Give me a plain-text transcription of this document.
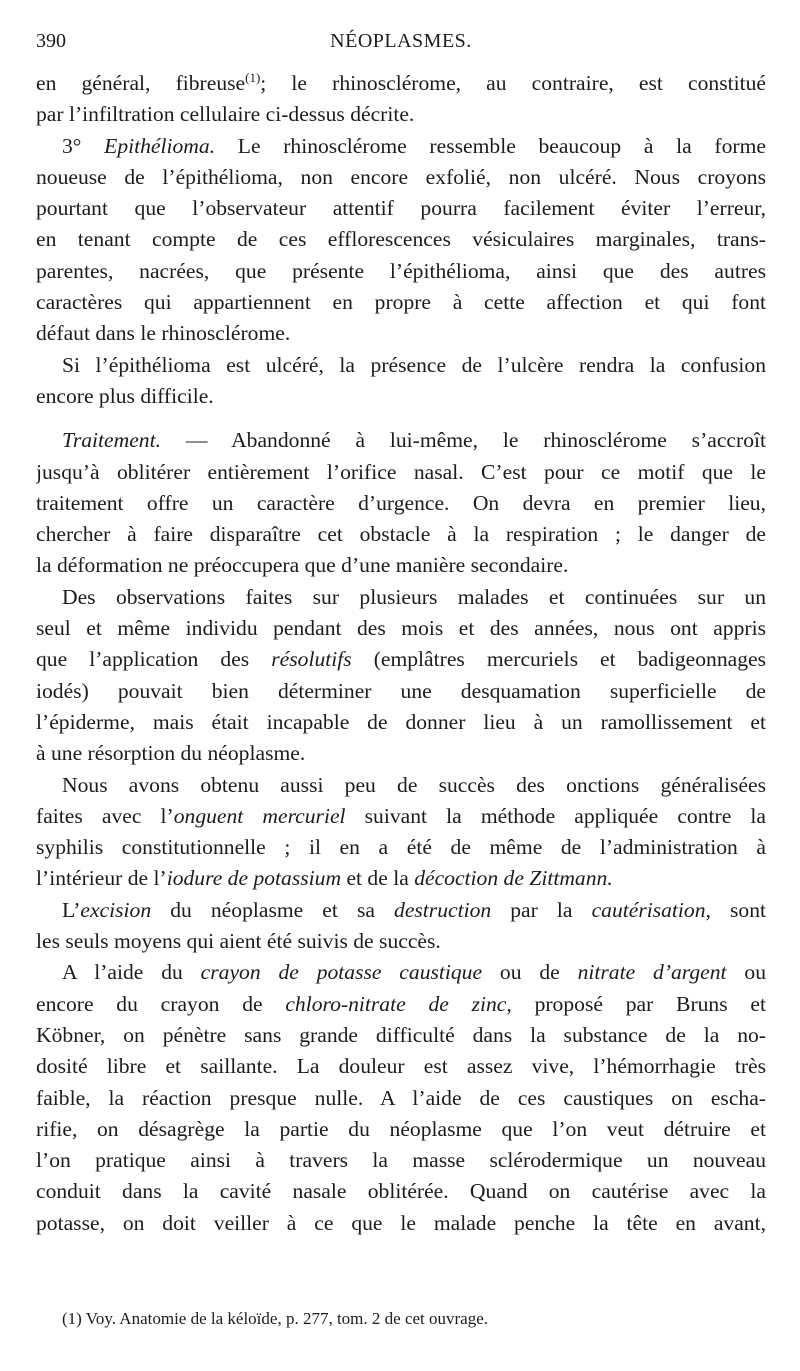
390	NÉOPLASMES.
en général, fibreuse$^{(1)}$; le rhinosclérome, au contraire, est constitué
par l’infiltration cellulaire ci-dessus décrite.
3° Epithélioma. Le rhinosclérome ressemble beaucoup à la forme
noueuse de l’épithélioma, non encore exfolié, non ulcéré. Nous croyons
pourtant que l’observateur attentif pourra facilement éviter l’erreur,
en tenant compte de ces efflorescences vésiculaires marginales, trans-
parentes, nacrées, que présente l’épithélioma, ainsi que des autres
caractères qui appartiennent en propre à cette affection et qui font
défaut dans le rhinosclérome.
Si l’épithélioma est ulcéré, la présence de l’ulcère rendra la confusion
encore plus difficile.
Traitement. — Abandonné à lui-même, le rhinosclérome s’accroît
jusqu’à oblitérer entièrement l’orifice nasal. C’est pour ce motif que le
traitement offre un caractère d’urgence. On devra en premier lieu,
chercher à faire disparaître cet obstacle à la respiration ; le danger de
la déformation ne préoccupera que d’une manière secondaire.
Des observations faites sur plusieurs malades et continuées sur un
seul et même individu pendant des mois et des années, nous ont appris
que l’application des résolutifs (emplâtres mercuriels et badigeonnages
iodés) pouvait bien déterminer une desquamation superficielle de
l’épiderme, mais était incapable de donner lieu à un ramollissement et
à une résorption du néoplasme.
Nous avons obtenu aussi peu de succès des onctions généralisées
faites avec l’onguent mercuriel suivant la méthode appliquée contre la
syphilis constitutionnelle ; il en a été de même de l’administration à
l’intérieur de l’iodure de potassium et de la décoction de Zittmann.
L’excision du néoplasme et sa destruction par la cautérisation, sont
les seuls moyens qui aient été suivis de succès.
A l’aide du crayon de potasse caustique ou de nitrate d’argent ou
encore du crayon de chloro-nitrate de zinc, proposé par Bruns et
Köbner, on pénètre sans grande difficulté dans la substance de la no-
dosité libre et saillante. La douleur est assez vive, l’hémorrhagie très
faible, la réaction presque nulle. A l’aide de ces caustiques on escha-
rifie, on désagrège la partie du néoplasme que l’on veut détruire et
l’on pratique ainsi à travers la masse sclérodermique un nouveau
conduit dans la cavité nasale oblitérée. Quand on cautérise avec la
potasse, on doit veiller à ce que le malade penche la tête en avant,
(1) Voy. Anatomie de la kéloïde, p. 277, tom. 2 de cet ouvrage.
